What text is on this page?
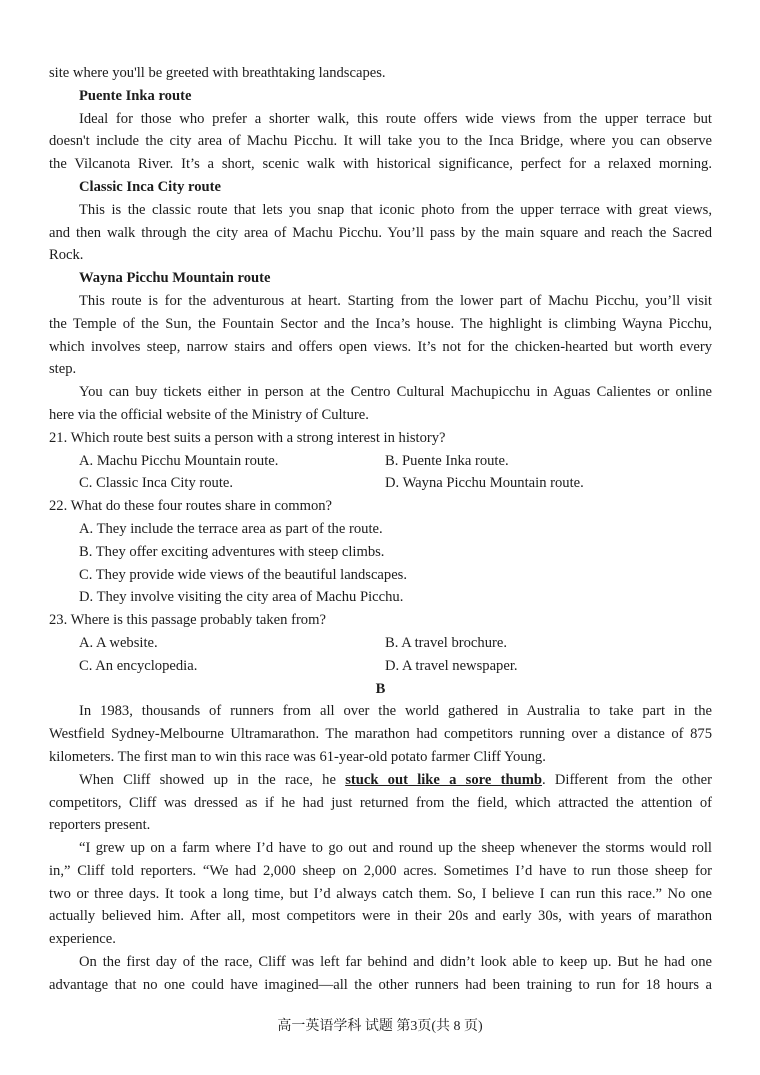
site where you'll be greeted with breathtaking landscapes.
Puente Inka route
Ideal for those who prefer a shorter walk, this route offers wide views from the upper terrace but
doesn't include the city area of Machu Picchu. It will take you to the Inca Bridge, where you can observe
the Vilcanota River. It’s a short, scenic walk with historical significance, perfect for a relaxed morning.
Classic Inca City route
This is the classic route that lets you snap that iconic photo from the upper terrace with great views,
and then walk through the city area of Machu Picchu. You’ll pass by the main square and reach the Sacred
Rock.
Wayna Picchu Mountain route
This route is for the adventurous at heart. Starting from the lower part of Machu Picchu, you’ll visit
the Temple of the Sun, the Fountain Sector and the Inca’s house. The highlight is climbing Wayna Picchu,
which involves steep, narrow stairs and offers open views. It’s not for the chicken-hearted but worth every
step.
You can buy tickets either in person at the Centro Cultural Machupicchu in Aguas Calientes or online
here via the official website of the Ministry of Culture.
21. Which route best suits a person with a strong interest in history?
A. Machu Picchu Mountain route.	B. Puente Inka route.
C. Classic Inca City route.	D. Wayna Picchu Mountain route.
22. What do these four routes share in common?
A. They include the terrace area as part of the route.
B. They offer exciting adventures with steep climbs.
C. They provide wide views of the beautiful landscapes.
D. They involve visiting the city area of Machu Picchu.
23. Where is this passage probably taken from?
A. A website.	B. A travel brochure.
C. An encyclopedia.	D. A travel newspaper.
B
In 1983, thousands of runners from all over the world gathered in Australia to take part in the
Westfield Sydney-Melbourne Ultramarathon. The marathon had competitors running over a distance of 875
kilometers. The first man to win this race was 61-year-old potato farmer Cliff Young.
When Cliff showed up in the race, he stuck out like a sore thumb. Different from the other
competitors, Cliff was dressed as if he had just returned from the field, which attracted the attention of
reporters present.
“I grew up on a farm where I’d have to go out and round up the sheep whenever the storms would roll
in,” Cliff told reporters. “We had 2,000 sheep on 2,000 acres. Sometimes I’d have to run those sheep for
two or three days. It took a long time, but I’d always catch them. So, I believe I can run this race.” No one
actually believed him. After all, most competitors were in their 20s and early 30s, with years of marathon
experience.
On the first day of the race, Cliff was left far behind and didn’t look able to keep up. But he had one
advantage that no one could have imagined—all the other runners had been training to run for 18 hours a
高一英语学科 试题 第3页(共 8 页)
